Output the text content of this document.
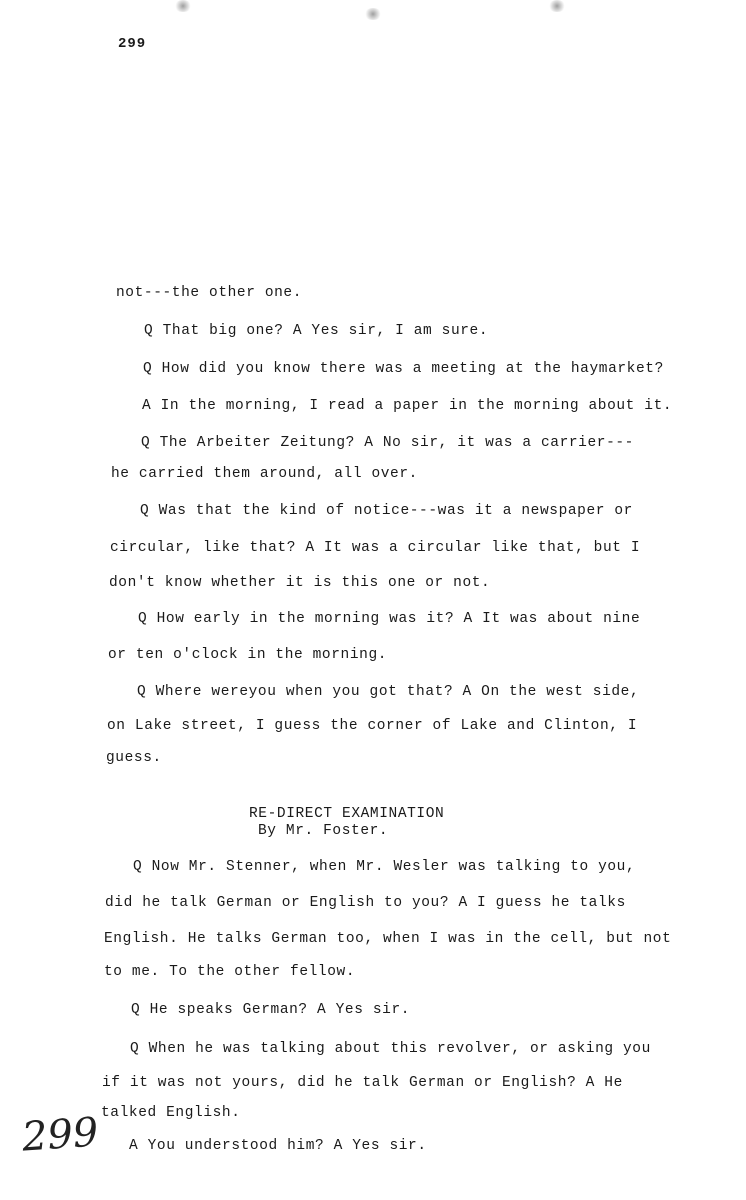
299
not---the other one.
Q That big one? A Yes sir, I am sure.
Q How did you know there was a meeting at the haymarket?
A In the morning, I read a paper in the morning about it.
Q The Arbeiter Zeitung? A No sir, it was a carrier---
he carried them around, all over.
Q Was that the kind of notice---was it a newspaper or
circular, like that? A It was a circular like that, but I
don't know whether it is this one or not.
Q How early in the morning was it? A It was about nine
or ten o'clock in the morning.
Q Where wereyou when you got that? A On the west side,
on Lake street, I guess the corner of Lake and Clinton, I
guess.
RE-DIRECT EXAMINATION
By Mr. Foster.
Q Now Mr. Stenner, when Mr. Wesler was talking to you,
did he talk German or English to you? A I guess he talks
English. He talks German too, when I was in the cell, but not
to me. To the other fellow.
Q He speaks German? A Yes sir.
Q When he was talking about this revolver, or asking you
if it was not yours, did he talk German or English? A He
talked English.
A You understood him? A Yes sir.
299
